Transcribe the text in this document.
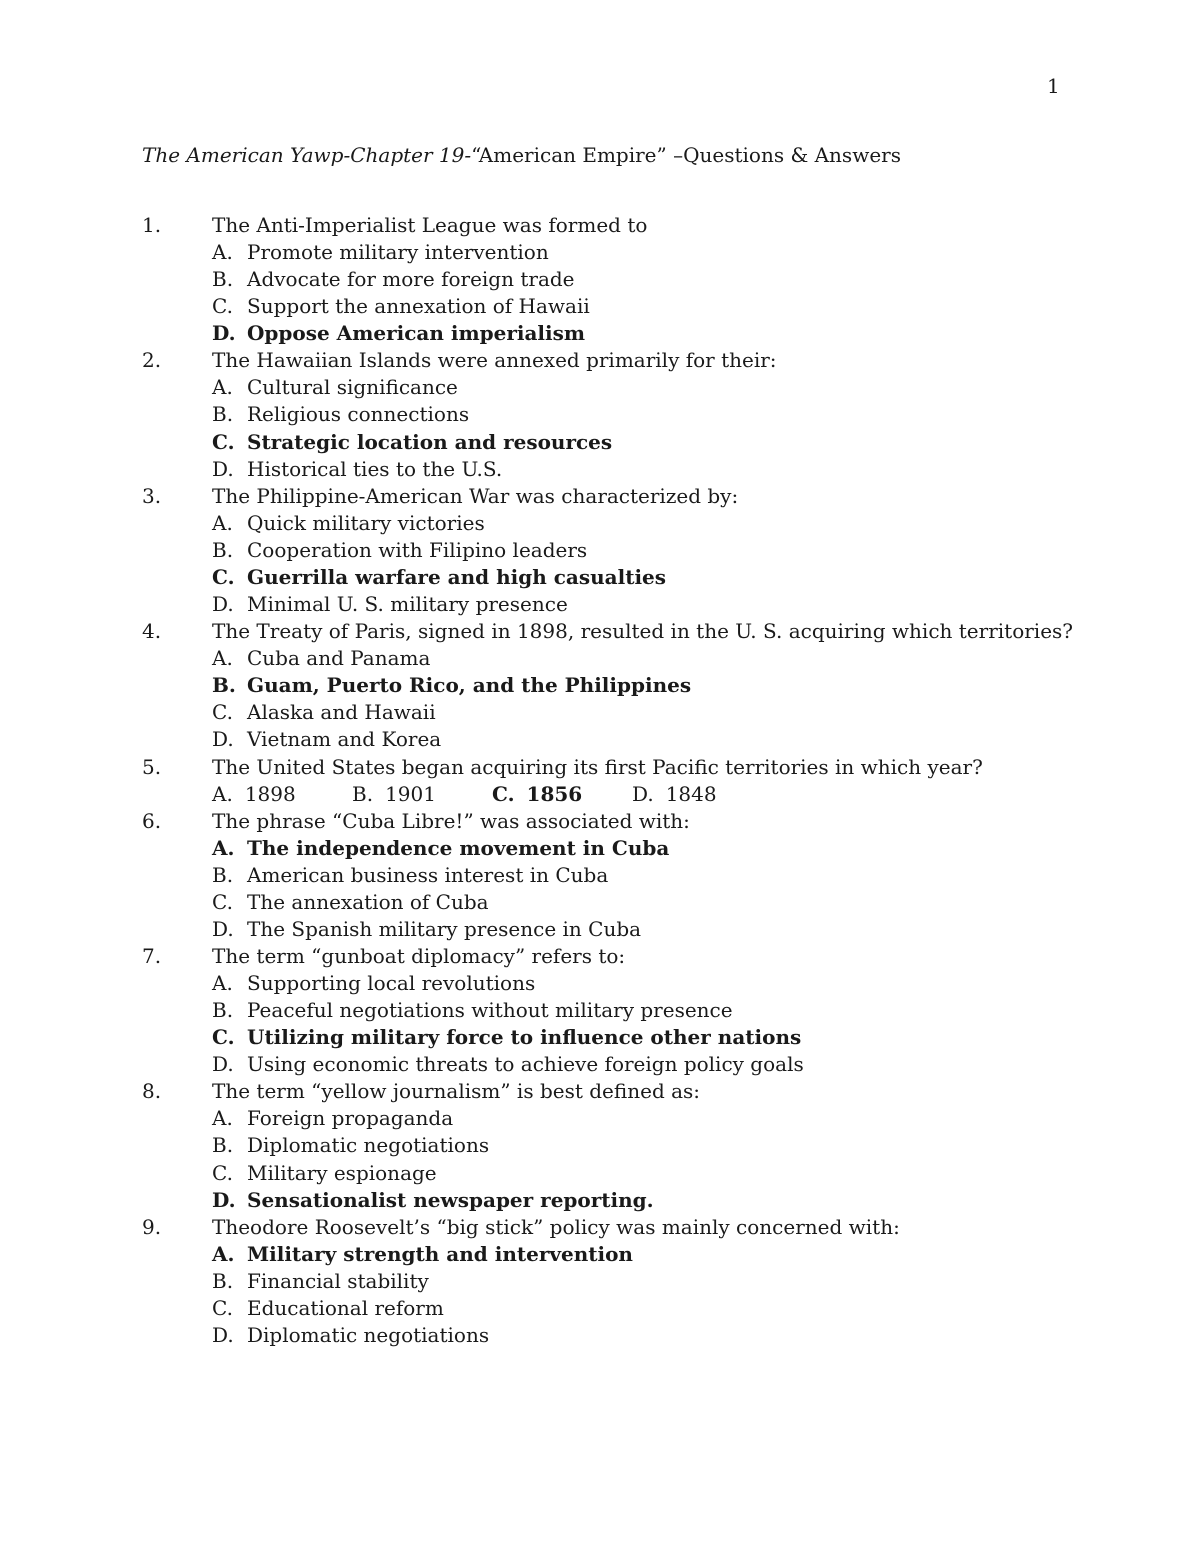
1
The American Yawp-Chapter 19-“American Empire” –Questions & Answers
1.	The Anti-Imperialist League was formed to
A. Promote military intervention
B. Advocate for more foreign trade
C. Support the annexation of Hawaii
D. Oppose American imperialism
2.	The Hawaiian Islands were annexed primarily for their:
A. Cultural significance
B. Religious connections
C. Strategic location and resources
D. Historical ties to the U.S.
3.	The Philippine-American War was characterized by:
A. Quick military victories
B. Cooperation with Filipino leaders
C. Guerrilla warfare and high casualties
D. Minimal U. S. military presence
4.	The Treaty of Paris, signed in 1898, resulted in the U. S. acquiring which territories?
A. Cuba and Panama
B. Guam, Puerto Rico, and the Philippines
C. Alaska and Hawaii
D. Vietnam and Korea
5.	The United States began acquiring its first Pacific territories in which year?
A. 1898	B. 1901	C. 1856 D. 1848
6.	The phrase “Cuba Libre!” was associated with:
A. The independence movement in Cuba
B. American business interest in Cuba
C. The annexation of Cuba
D. The Spanish military presence in Cuba
7.	The term “gunboat diplomacy” refers to:
A. Supporting local revolutions
B. Peaceful negotiations without military presence
C. Utilizing military force to influence other nations
D. Using economic threats to achieve foreign policy goals
8.	The term “yellow journalism” is best defined as:
A. Foreign propaganda
B. Diplomatic negotiations
C. Military espionage
D. Sensationalist newspaper reporting.
9.	Theodore Roosevelt’s “big stick” policy was mainly concerned with:
A. Military strength and intervention
B. Financial stability
C. Educational reform
D. Diplomatic negotiations
